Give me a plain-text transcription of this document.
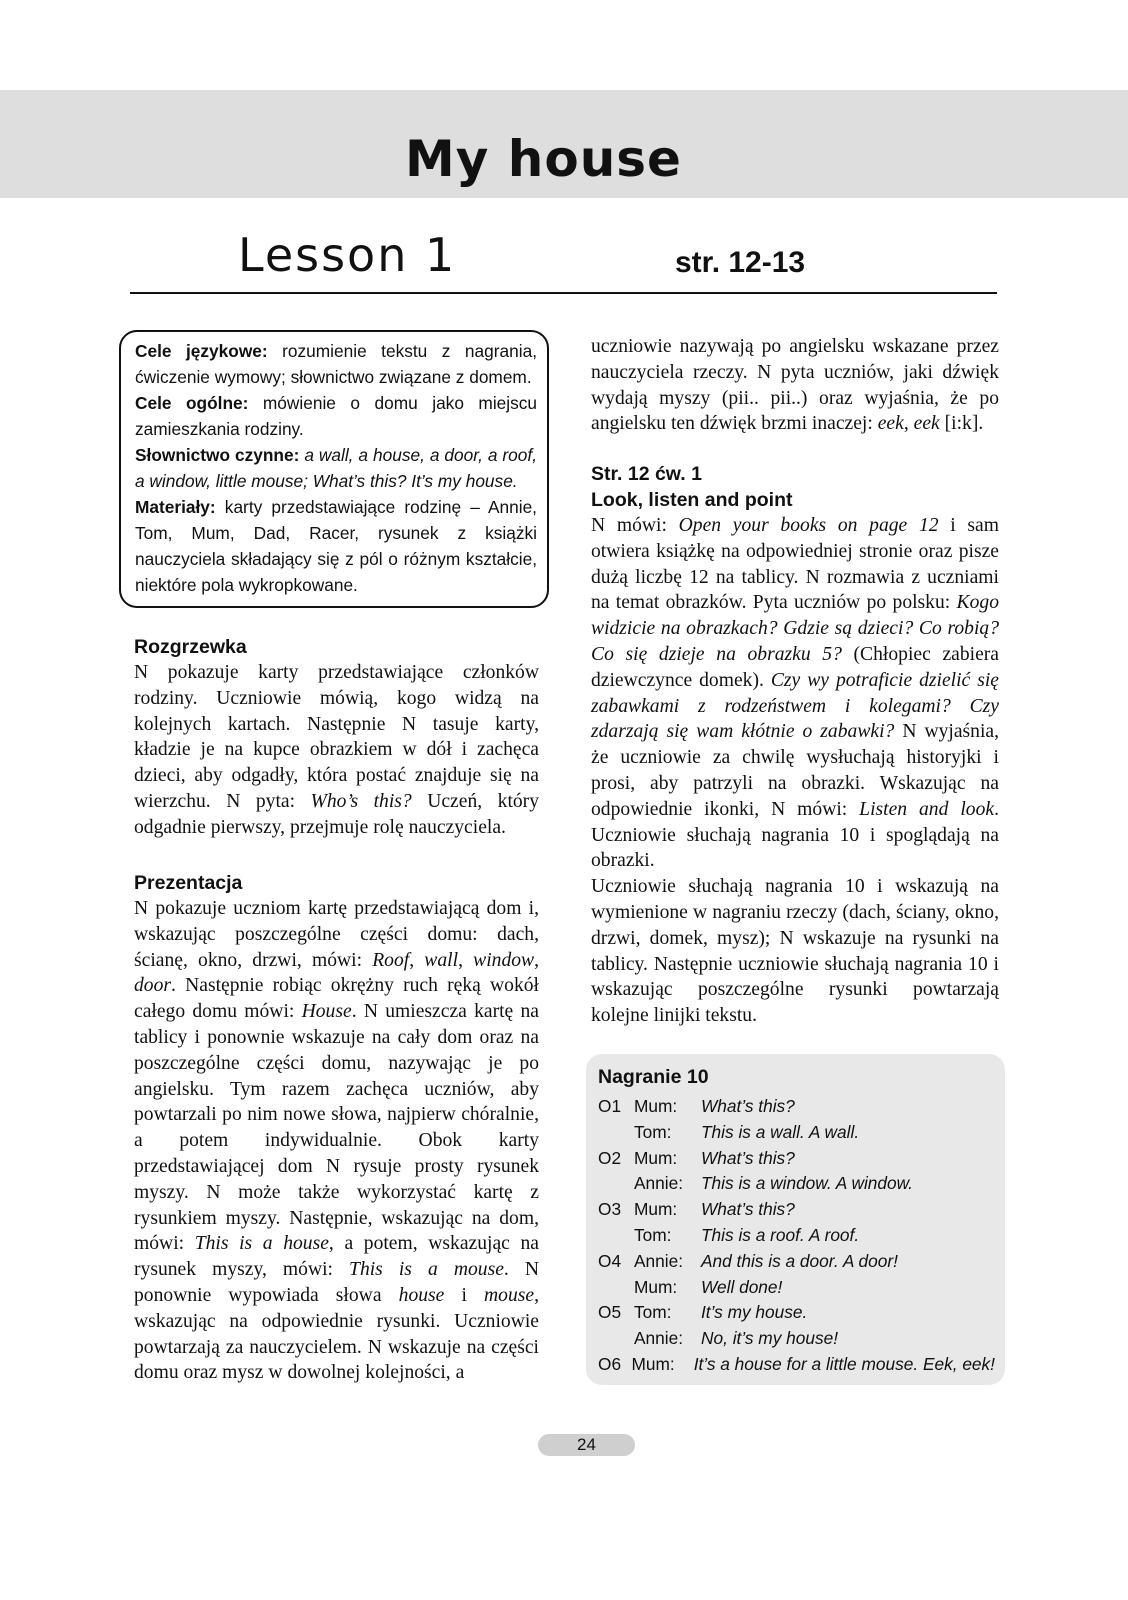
My house
Lesson 1	str. 12-13

Cele językowe: rozumienie tekstu z nagrania, ćwiczenie wymowy; słownictwo związane z domem.

Cele ogólne: mówienie o domu jako miejscu zamieszkania rodziny.

Słownictwo czynne: a wall, a house, a door, a roof, a window, little mouse; What’s this? It’s my house.

Materiały: karty przedstawiające rodzinę – Annie, Tom, Mum, Dad, Racer, rysunek z książki nauczyciela składający się z pól o różnym kształcie, niektóre pola wykropkowane.

Rozgrzewka

N pokazuje karty przedstawiające członków rodziny. Uczniowie mówią, kogo widzą na kolejnych kartach. Następnie N tasuje karty, kładzie je na kupce obrazkiem w dół i zachęca dzieci, aby odgadły, która postać znajduje się na wierzchu. N pyta: Who’s this? Uczeń, który odgadnie pierwszy, przejmuje rolę nauczyciela.

Prezentacja

N pokazuje uczniom kartę przedstawiającą dom i, wskazując poszczególne części domu: dach, ścianę, okno, drzwi, mówi: Roof, wall, window, door. Następnie robiąc okrężny ruch ręką wokół całego domu mówi: House. N umieszcza kartę na tablicy i ponownie wskazuje na cały dom oraz na poszczególne części domu, nazywając je po angielsku. Tym razem zachęca uczniów, aby powtarzali po nim nowe słowa, najpierw chóralnie, a potem indywidualnie. Obok karty przedstawiającej dom N rysuje prosty rysunek myszy. N może także wykorzystać kartę z rysunkiem myszy. Następnie, wskazując na dom, mówi: This is a house, a potem, wskazując na rysunek myszy, mówi: This is a mouse. N ponownie wypowiada słowa house i mouse, wskazując na odpowiednie rysunki. Uczniowie powtarzają za nauczycielem. N wskazuje na części domu oraz mysz w dowolnej kolejności, a

uczniowie nazywają po angielsku wskazane przez nauczyciela rzeczy. N pyta uczniów, jaki dźwięk wydają myszy (pii.. pii..) oraz wyjaśnia, że po angielsku ten dźwięk brzmi inaczej: eek, eek [i:k].

Str. 12 ćw. 1
Look, listen and point

N mówi: Open your books on page 12 i sam otwiera książkę na odpowiedniej stronie oraz pisze dużą liczbę 12 na tablicy. N rozmawia z uczniami na temat obrazków. Pyta uczniów po polsku: Kogo widzicie na obrazkach? Gdzie są dzieci? Co robią? Co się dzieje na obrazku 5? (Chłopiec zabiera dziewczynce domek). Czy wy potraficie dzielić się zabawkami z rodzeństwem i kolegami? Czy zdarzają się wam kłótnie o zabawki? N wyjaśnia, że uczniowie za chwilę wysłuchają historyjki i prosi, aby patrzyli na obrazki. Wskazując na odpowiednie ikonki, N mówi: Listen and look. Uczniowie słuchają nagrania 10 i spoglądają na obrazki.

Uczniowie słuchają nagrania 10 i wskazują na wymienione w nagraniu rzeczy (dach, ściany, okno, drzwi, domek, mysz); N wskazuje na rysunki na tablicy. Następnie uczniowie słuchają nagrania 10 i wskazując poszczególne rysunki powtarzają kolejne linijki tekstu.

Nagranie 10
O1 Mum:	What’s this?
Tom:	This is a wall. A wall.
O2 Mum:	What’s this?
Annie:	This is a window. A window.
O3 Mum:	What’s this?
Tom:	This is a roof. A roof.
O4 Annie:	And this is a door. A door!
Mum:	Well done!
O5 Tom:	It’s my house.
Annie:	No, it’s my house!
O6 Mum:	It’s a house for a little mouse. Eek, eek!
24
